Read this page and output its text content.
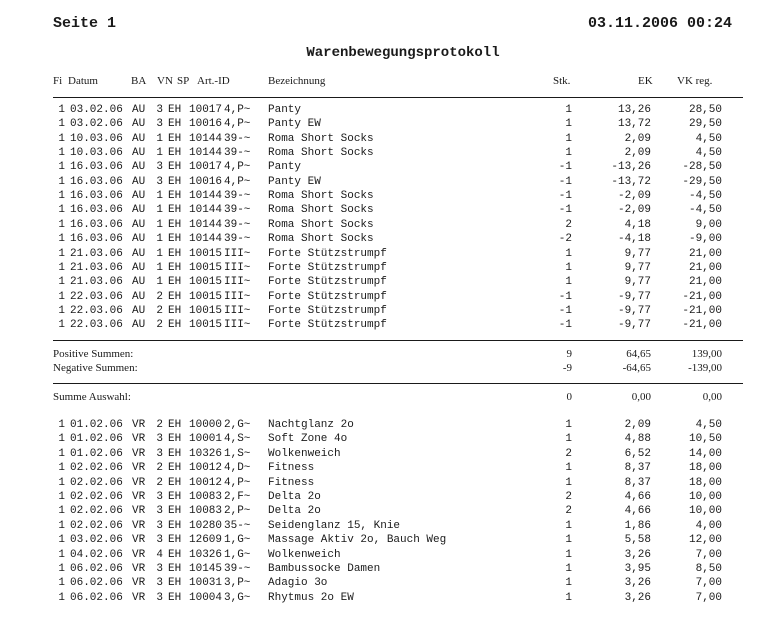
Seite 1	03.11.2006 00:24
Warenbewegungsprotokoll
Fi Datum	BA VN SP Art.-ID	Bezeichnung	Stk.	EK VK reg.
1 03.02.06 AU 3 EH 10017 4,P~ Panty	1	13,26	28,50
1 03.02.06 AU 3 EH 10016 4,P~ Panty EW	1	13,72	29,50
1 10.03.06 AU 1 EH 10144 39-~ Roma Short Socks	1	2,09	4,50
1 10.03.06 AU 1 EH 10144 39-~ Roma Short Socks	1	2,09	4,50
1 16.03.06 AU 3 EH 10017 4,P~ Panty	-1	-13,26	-28,50
1 16.03.06 AU 3 EH 10016 4,P~ Panty EW	-1	-13,72	-29,50
1 16.03.06 AU 1 EH 10144 39-~ Roma Short Socks	-1	-2,09	-4,50
1 16.03.06 AU 1 EH 10144 39-~ Roma Short Socks	-1	-2,09	-4,50
1 16.03.06 AU 1 EH 10144 39-~ Roma Short Socks	2	4,18	9,00
1 16.03.06 AU 1 EH 10144 39-~ Roma Short Socks	-2	-4,18	-9,00
1 21.03.06 AU 1 EH 10015 III~ Forte Stützstrumpf	1	9,77	21,00
1 21.03.06 AU 1 EH 10015 III~ Forte Stützstrumpf	1	9,77	21,00
1 21.03.06 AU 1 EH 10015 III~ Forte Stützstrumpf	1	9,77	21,00
1 22.03.06 AU 2 EH 10015 III~ Forte Stützstrumpf	-1	-9,77	-21,00
1 22.03.06 AU 2 EH 10015 III~ Forte Stützstrumpf	-1	-9,77	-21,00
1 22.03.06 AU 2 EH 10015 III~ Forte Stützstrumpf	-1	-9,77	-21,00
Positive Summen:	9	64,65	139,00
Negative Summen:	-9	-64,65	-139,00
Summe Auswahl:	0	0,00	0,00
1 01.02.06 VR 2 EH 10000 2,G~ Nachtglanz 2o	1	2,09	4,50
1 01.02.06 VR 3 EH 10001 4,S~ Soft Zone 4o	1	4,88	10,50
1 01.02.06 VR 3 EH 10326 1,S~ Wolkenweich	2	6,52	14,00
1 02.02.06 VR 2 EH 10012 4,D~ Fitness	1	8,37	18,00
1 02.02.06 VR 2 EH 10012 4,P~ Fitness	1	8,37	18,00
1 02.02.06 VR 3 EH 10083 2,F~ Delta 2o	2	4,66	10,00
1 02.02.06 VR 3 EH 10083 2,P~ Delta 2o	2	4,66	10,00
1 02.02.06 VR 3 EH 10280 35-~ Seidenglanz 15, Knie	1	1,86	4,00
1 03.02.06 VR 3 EH 12609 1,G~ Massage Aktiv 2o, Bauch Weg	1	5,58	12,00
1 04.02.06 VR 4 EH 10326 1,G~ Wolkenweich	1	3,26	7,00
1 06.02.06 VR 3 EH 10145 39-~ Bambussocke Damen	1	3,95	8,50
1 06.02.06 VR 3 EH 10031 3,P~ Adagio 3o	1	3,26	7,00
1 06.02.06 VR 3 EH 10004 3,G~ Rhytmus 2o EW	1	3,26	7,00
